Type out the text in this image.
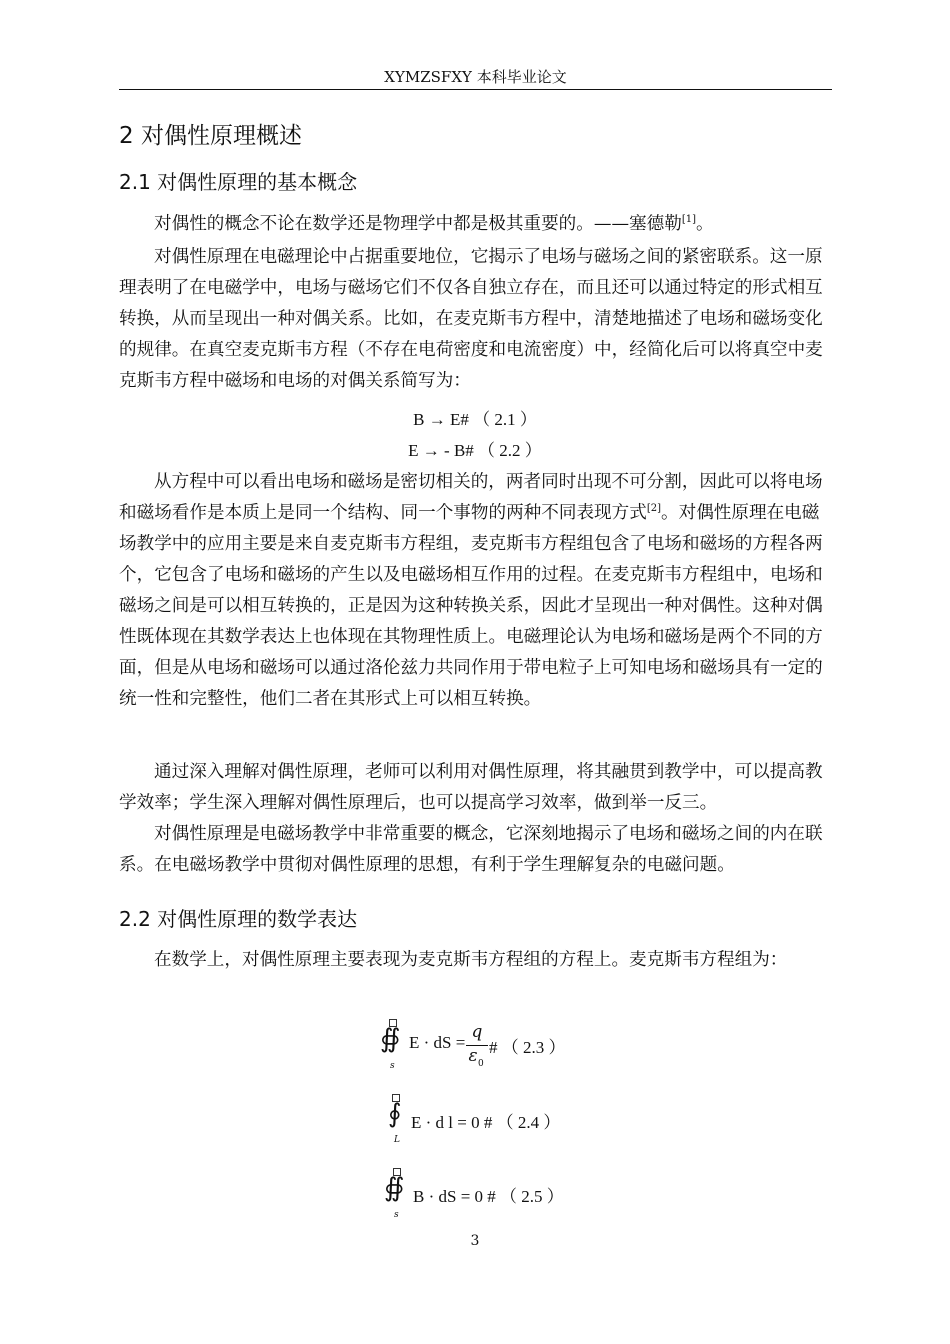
XYMZSFXY 本科毕业论文
2 对偶性原理概述
2.1 对偶性原理的基本概念

对偶性的概念不论在数学还是物理学中都是极其重要的。——塞德勒[1]。

对偶性原理在电磁理论中占据重要地位，它揭示了电场与磁场之间的紧密联系。这一原理表明了在电磁学中，电场与磁场它们不仅各自独立存在，而且还可以通过特定的形式相互转换，从而呈现出一种对偶关系。比如，在麦克斯韦方程中，清楚地描述了电场和磁场变化的规律。在真空麦克斯韦方程（不存在电荷密度和电流密度）中，经简化后可以将真空中麦克斯韦方程中磁场和电场的对偶关系简写为：

B → E# （ 2.1 ）
E → - B# （ 2.2 ）

从方程中可以看出电场和磁场是密切相关的，两者同时出现不可分割，因此可以将电场和磁场看作是本质上是同一个结构、同一个事物的两种不同表现方式[2]。对偶性原理在电磁场教学中的应用主要是来自麦克斯韦方程组，麦克斯韦方程组包含了电场和磁场的方程各两个，它包含了电场和磁场的产生以及电磁场相互作用的过程。在麦克斯韦方程组中，电场和磁场之间是可以相互转换的，正是因为这种转换关系，因此才呈现出一种对偶性。这种对偶性既体现在其数学表达上也体现在其物理性质上。电磁理论认为电场和磁场是两个不同的方面，但是从电场和磁场可以通过洛伦兹力共同作用于带电粒子上可知电场和磁场具有一定的统一性和完整性，他们二者在其形式上可以相互转换。

通过深入理解对偶性原理，老师可以利用对偶性原理，将其融贯到教学中，可以提高教学效率；学生深入理解对偶性原理后，也可以提高学习效率，做到举一反三。

对偶性原理是电磁场教学中非常重要的概念，它深刻地揭示了电场和磁场之间的内在联系。在电磁场教学中贯彻对偶性原理的思想，有利于学生理解复杂的电磁问题。

2.2 对偶性原理的数学表达

在数学上，对偶性原理主要表现为麦克斯韦方程组的方程上。麦克斯韦方程组为：

∯
s
E · dS =
q
ε 0
# （ 2.3 ）
∮
L
E · d l = 0 # （ 2.4 ）
∯
s
B · dS = 0 # （ 2.5 ）
3
